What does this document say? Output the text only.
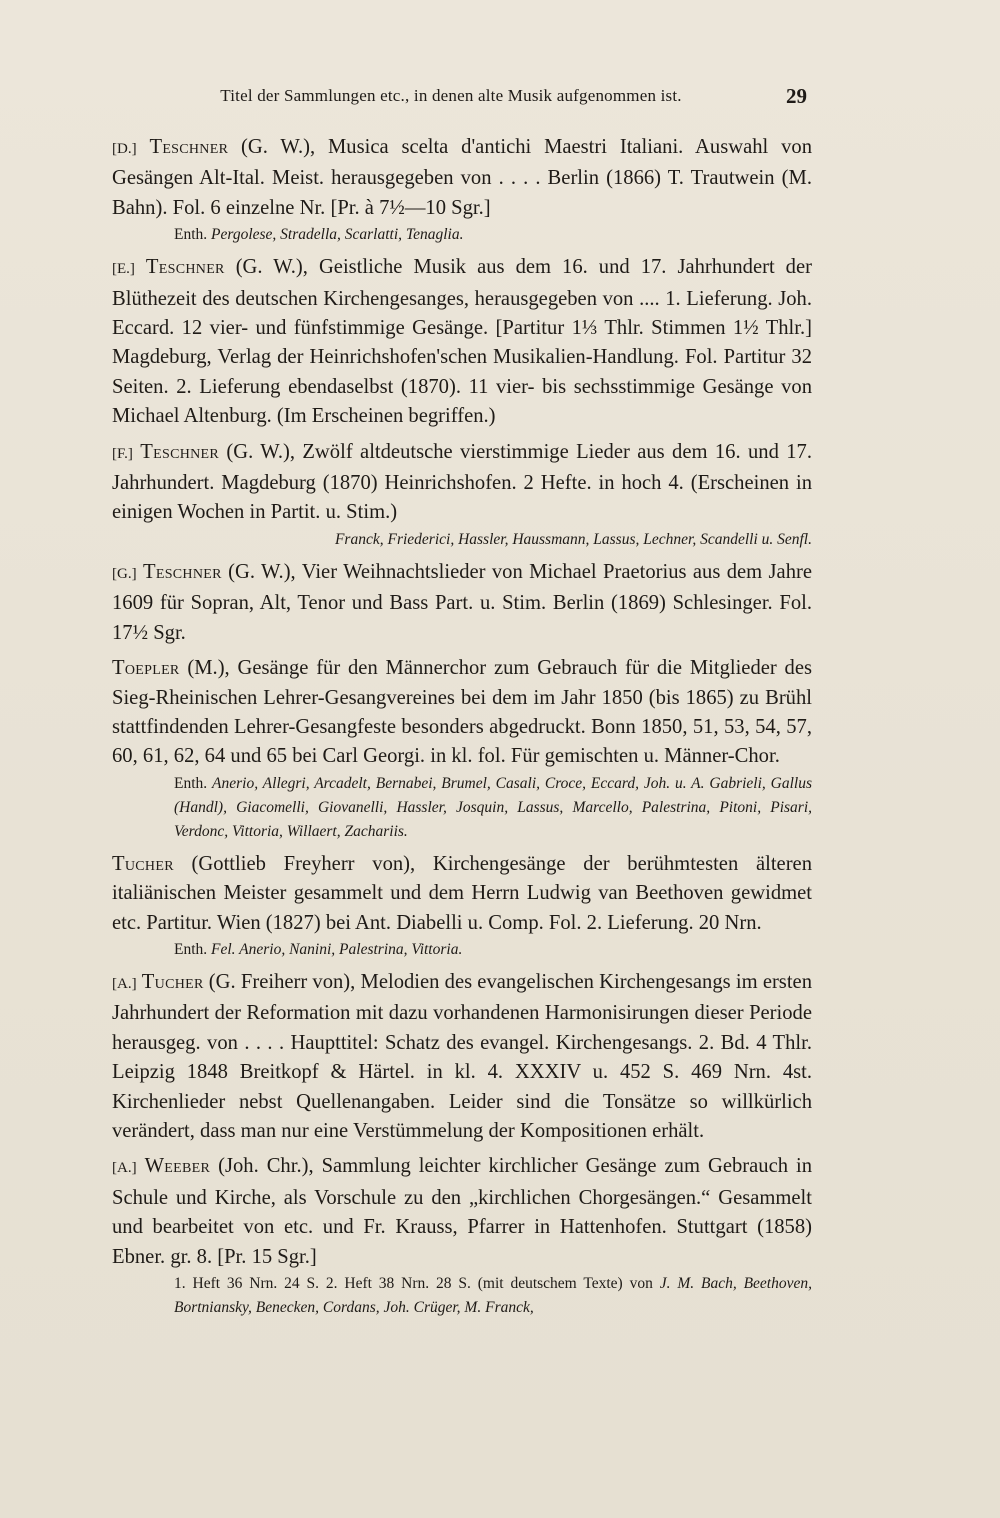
Titel der Sammlungen etc., in denen alte Musik aufgenommen ist.	29
[D.] Teschner (G. W.), Musica scelta d'antichi Maestri Italiani. Auswahl von Gesängen Alt-Ital. Meist. herausgegeben von . . . . Berlin (1866) T. Trautwein (M. Bahn). Fol. 6 einzelne Nr. [Pr. à 7½—10 Sgr.]
Enth. Pergolese, Stradella, Scarlatti, Tenaglia.
[E.] Teschner (G. W.), Geistliche Musik aus dem 16. und 17. Jahrhundert der Blüthezeit des deutschen Kirchengesanges, herausgegeben von .... 1. Lieferung. Joh. Eccard. 12 vier- und fünfstimmige Gesänge. [Partitur 1⅓ Thlr. Stimmen 1½ Thlr.] Magdeburg, Verlag der Heinrichshofen'schen Musikalien-Handlung. Fol. Partitur 32 Seiten. 2. Lieferung ebendaselbst (1870). 11 vier- bis sechsstimmige Gesänge von Michael Altenburg. (Im Erscheinen begriffen.)
[F.] Teschner (G. W.), Zwölf altdeutsche vierstimmige Lieder aus dem 16. und 17. Jahrhundert. Magdeburg (1870) Heinrichshofen. 2 Hefte. in hoch 4. (Erscheinen in einigen Wochen in Partit. u. Stim.)
Franck, Friederici, Hassler, Haussmann, Lassus, Lechner, Scandelli u. Senfl.
[G.] Teschner (G. W.), Vier Weihnachtslieder von Michael Praetorius aus dem Jahre 1609 für Sopran, Alt, Tenor und Bass Part. u. Stim. Berlin (1869) Schlesinger. Fol. 17½ Sgr.
Toepler (M.), Gesänge für den Männerchor zum Gebrauch für die Mitglieder des Sieg-Rheinischen Lehrer-Gesangvereines bei dem im Jahr 1850 (bis 1865) zu Brühl stattfindenden Lehrer-Gesangfeste besonders abgedruckt. Bonn 1850, 51, 53, 54, 57, 60, 61, 62, 64 und 65 bei Carl Georgi. in kl. fol. Für gemischten u. Männer-Chor.
Enth. Anerio, Allegri, Arcadelt, Bernabei, Brumel, Casali, Croce, Eccard, Joh. u. A. Gabrieli, Gallus (Handl), Giacomelli, Giovanelli, Hassler, Josquin, Lassus, Marcello, Palestrina, Pitoni, Pisari, Verdonc, Vittoria, Willaert, Zachariis.
Tucher (Gottlieb Freyherr von), Kirchengesänge der berühmtesten älteren italiänischen Meister gesammelt und dem Herrn Ludwig van Beethoven gewidmet etc. Partitur. Wien (1827) bei Ant. Diabelli u. Comp. Fol. 2. Lieferung. 20 Nrn.
Enth. Fel. Anerio, Nanini, Palestrina, Vittoria.
[A.] Tucher (G. Freiherr von), Melodien des evangelischen Kirchengesangs im ersten Jahrhundert der Reformation mit dazu vorhandenen Harmonisirungen dieser Periode herausgeg. von . . . . Haupttitel: Schatz des evangel. Kirchengesangs. 2. Bd. 4 Thlr. Leipzig 1848 Breitkopf & Härtel. in kl. 4. XXXIV u. 452 S. 469 Nrn. 4st. Kirchenlieder nebst Quellenangaben. Leider sind die Tonsätze so willkürlich verändert, dass man nur eine Verstümmelung der Kompositionen erhält.
[A.] Weeber (Joh. Chr.), Sammlung leichter kirchlicher Gesänge zum Gebrauch in Schule und Kirche, als Vorschule zu den „kirchlichen Chorgesängen.“ Gesammelt und bearbeitet von etc. und Fr. Krauss, Pfarrer in Hattenhofen. Stuttgart (1858) Ebner. gr. 8. [Pr. 15 Sgr.]
1. Heft 36 Nrn. 24 S. 2. Heft 38 Nrn. 28 S. (mit deutschem Texte) von J. M. Bach, Beethoven, Bortniansky, Benecken, Cordans, Joh. Crüger, M. Franck,
